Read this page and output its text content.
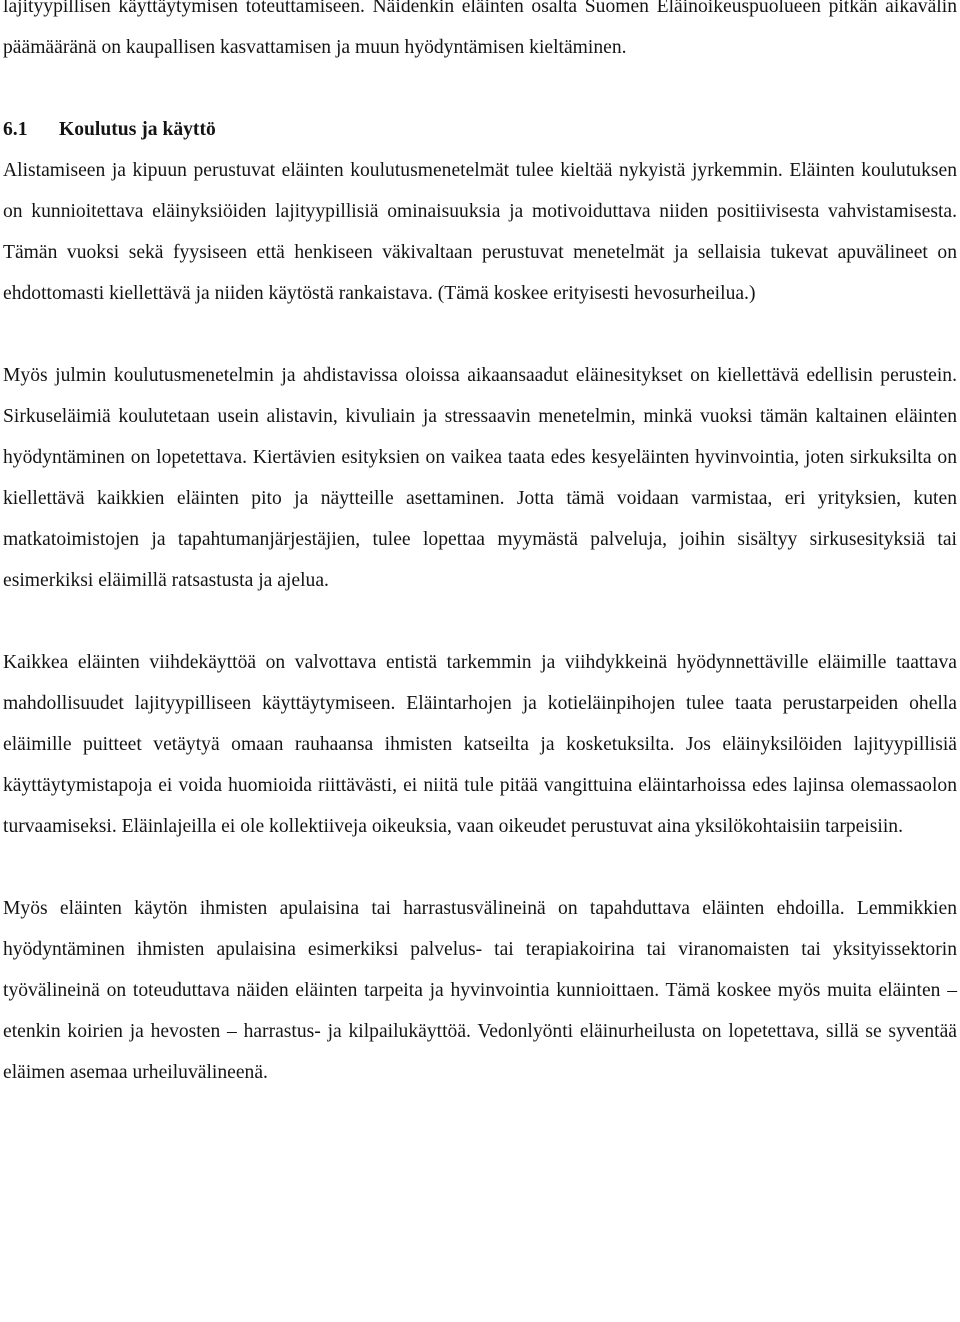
lajityypillisen käyttäytymisen toteuttamiseen. Näidenkin eläinten osalta Suomen Eläinoikeuspuolueen pitkän aikavälin päämääränä on kaupallisen kasvattamisen ja muun hyödyntämisen kieltäminen.

6.1 Koulutus ja käyttö

Alistamiseen ja kipuun perustuvat eläinten koulutusmenetelmät tulee kieltää nykyistä jyrkemmin. Eläinten koulutuksen on kunnioitettava eläinyksiöiden lajityypillisiä ominaisuuksia ja motivoiduttava niiden positiivisesta vahvistamisesta. Tämän vuoksi sekä fyysiseen että henkiseen väkivaltaan perustuvat menetelmät ja sellaisia tukevat apuvälineet on ehdottomasti kiellettävä ja niiden käytöstä rankaistava. (Tämä koskee erityisesti hevosurheilua.)

Myös julmin koulutusmenetelmin ja ahdistavissa oloissa aikaansaadut eläinesitykset on kiellettävä edellisin perustein. Sirkuseläimiä koulutetaan usein alistavin, kivuliain ja stressaavin menetelmin, minkä vuoksi tämän kaltainen eläinten hyödyntäminen on lopetettava. Kiertävien esityksien on vaikea taata edes kesyeläinten hyvinvointia, joten sirkuksilta on kiellettävä kaikkien eläinten pito ja näytteille asettaminen. Jotta tämä voidaan varmistaa, eri yrityksien, kuten matkatoimistojen ja tapahtumanjärjestäjien, tulee lopettaa myymästä palveluja, joihin sisältyy sirkusesityksiä tai esimerkiksi eläimillä ratsastusta ja ajelua.

Kaikkea eläinten viihdekäyttöä on valvottava entistä tarkemmin ja viihdykkeinä hyödynnettäville eläimille taattava mahdollisuudet lajityypilliseen käyttäytymiseen. Eläintarhojen ja kotieläinpihojen tulee taata perustarpeiden ohella eläimille puitteet vetäytyä omaan rauhaansa ihmisten katseilta ja kosketuksilta. Jos eläinyksilöiden lajityypillisiä käyttäytymistapoja ei voida huomioida riittävästi, ei niitä tule pitää vangittuina eläintarhoissa edes lajinsa olemassaolon turvaamiseksi. Eläinlajeilla ei ole kollektiiveja oikeuksia, vaan oikeudet perustuvat aina yksilökohtaisiin tarpeisiin.

Myös eläinten käytön ihmisten apulaisina tai harrastusvälineinä on tapahduttava eläinten ehdoilla. Lemmikkien hyödyntäminen ihmisten apulaisina esimerkiksi palvelus- tai terapiakoirina tai viranomaisten tai yksityissektorin työvälineinä on toteuduttava näiden eläinten tarpeita ja hyvinvointia kunnioittaen. Tämä koskee myös muita eläinten – etenkin koirien ja hevosten – harrastus- ja kilpailukäyttöä. Vedonlyönti eläinurheilusta on lopetettava, sillä se syventää eläimen asemaa urheiluvälineenä.
